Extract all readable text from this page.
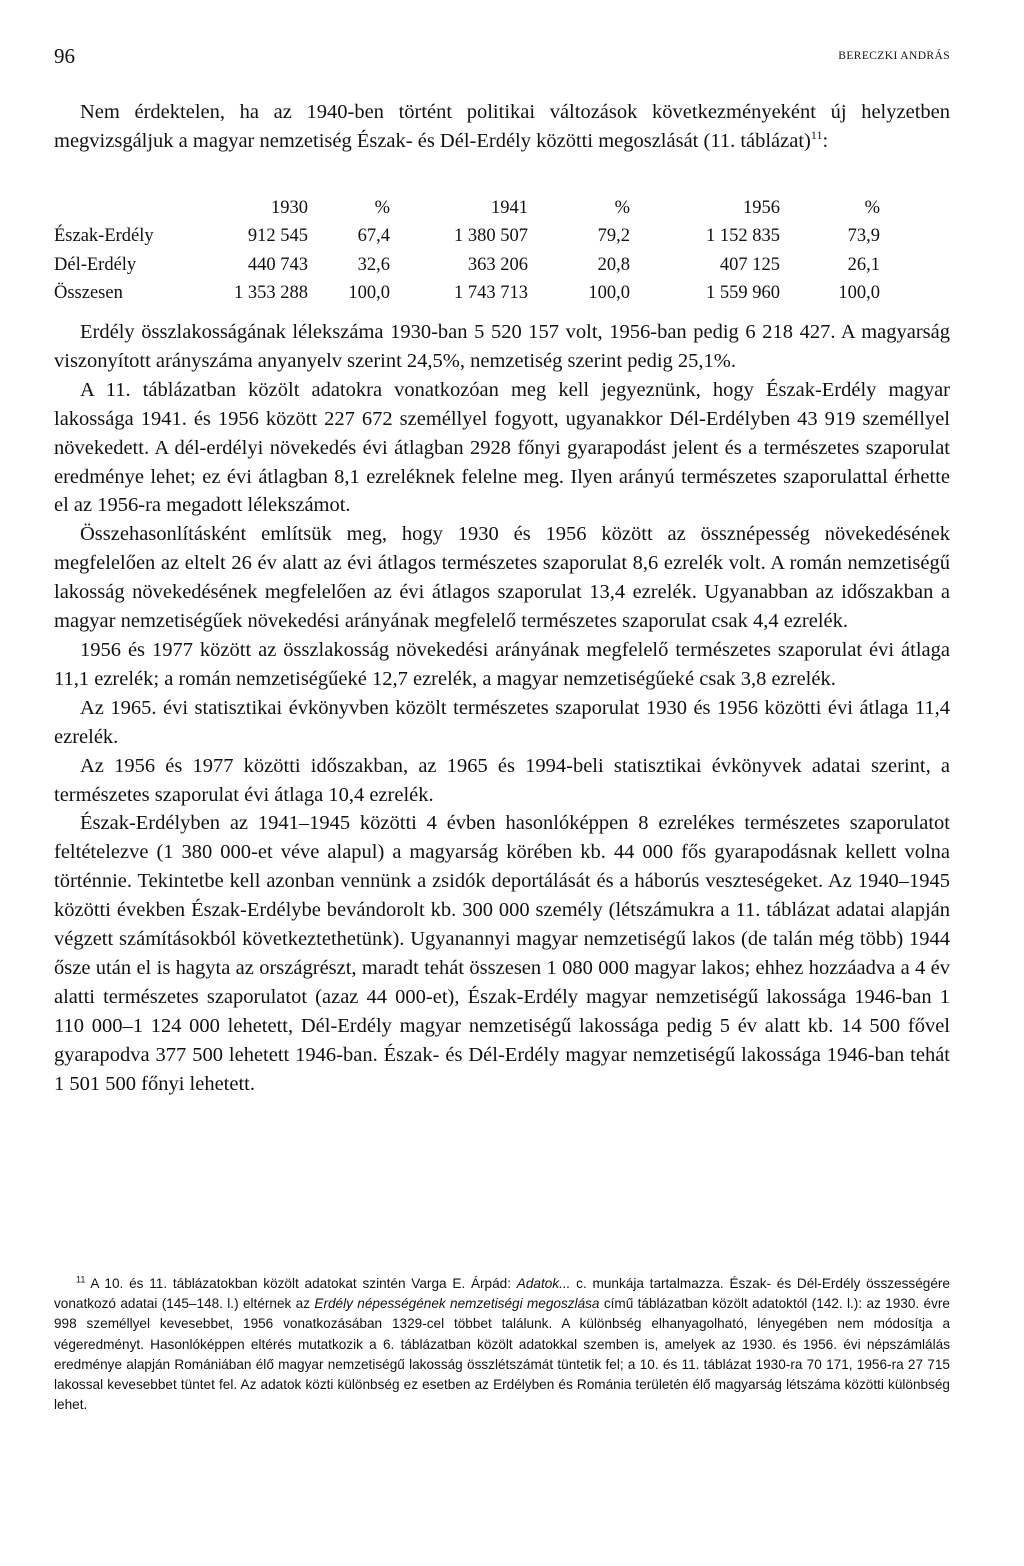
96	BERECZKI ANDRÁS

Nem érdektelen, ha az 1940-ben történt politikai változások következményeként új helyzetben megvizsgáljuk a magyar nemzetiség Észak- és Dél-Erdély közötti megoszlását (11. táblázat)$^{11}$:

	1930	%	1941	%	1956	%
Észak-Erdély	912 545	67,4	1 380 507	79,2	1 152 835	73,9
Dél-Erdély	440 743	32,6	363 206	20,8	407 125	26,1
Összesen	1 353 288	100,0	1 743 713	100,0	1 559 960	100,0

Erdély összlakosságának lélekszáma 1930-ban 5 520 157 volt, 1956-ban pedig 6 218 427. A magyarság viszonyított arányszáma anyanyelv szerint 24,5%, nemzetiség szerint pedig 25,1%.

A 11. táblázatban közölt adatokra vonatkozóan meg kell jegyeznünk, hogy Észak-Erdély magyar lakossága 1941. és 1956 között 227 672 személlyel fogyott, ugyanakkor Dél-Erdélyben 43 919 személlyel növekedett. A dél-erdélyi növekedés évi átlagban 2928 főnyi gyarapodást jelent és a természetes szaporulat eredménye lehet; ez évi átlagban 8,1 ezreléknek felelne meg. Ilyen arányú természetes szaporulattal érhette el az 1956-ra megadott lélekszámot.

Összehasonlításként említsük meg, hogy 1930 és 1956 között az össznépesség növekedésének megfelelően az eltelt 26 év alatt az évi átlagos természetes szaporulat 8,6 ezrelék volt. A román nemzetiségű lakosság növekedésének megfelelően az évi átlagos szaporulat 13,4 ezrelék. Ugyanabban az időszakban a magyar nemzetiségűek növekedési arányának megfelelő természetes szaporulat csak 4,4 ezrelék.

1956 és 1977 között az összlakosság növekedési arányának megfelelő természetes szaporulat évi átlaga 11,1 ezrelék; a román nemzetiségűeké 12,7 ezrelék, a magyar nemzetiségűeké csak 3,8 ezrelék.

Az 1965. évi statisztikai évkönyvben közölt természetes szaporulat 1930 és 1956 közötti évi átlaga 11,4 ezrelék.

Az 1956 és 1977 közötti időszakban, az 1965 és 1994-beli statisztikai évkönyvek adatai szerint, a természetes szaporulat évi átlaga 10,4 ezrelék.

Észak-Erdélyben az 1941–1945 közötti 4 évben hasonlóképpen 8 ezrelékes természetes szaporulatot feltételezve (1 380 000-et véve alapul) a magyarság körében kb. 44 000 fős gyarapodásnak kellett volna történnie. Tekintetbe kell azonban vennünk a zsidók deportálását és a háborús veszteségeket. Az 1940–1945 közötti években Észak-Erdélybe bevándorolt kb. 300 000 személy (létszámukra a 11. táblázat adatai alapján végzett számításokból következtethetünk). Ugyanannyi magyar nemzetiségű lakos (de talán még több) 1944 ősze után el is hagyta az országrészt, maradt tehát összesen 1 080 000 magyar lakos; ehhez hozzáadva a 4 év alatti természetes szaporulatot (azaz 44 000-et), Észak-Erdély magyar nemzetiségű lakossága 1946-ban 1 110 000–1 124 000 lehetett, Dél-Erdély magyar nemzetiségű lakossága pedig 5 év alatt kb. 14 500 fővel gyarapodva 377 500 lehetett 1946-ban. Észak- és Dél-Erdély magyar nemzetiségű lakossága 1946-ban tehát 1 501 500 főnyi lehetett.

$^{11}$ A 10. és 11. táblázatokban közölt adatokat szintén Varga E. Árpád: Adatok... c. munkája tartalmazza. Észak- és Dél-Erdély összességére vonatkozó adatai (145–148. l.) eltérnek az Erdély népességének nemzetiségi megoszlása című táblázatban közölt adatoktól (142. l.): az 1930. évre 998 személlyel kevesebbet, 1956 vonatkozásában 1329-cel többet találunk. A különbség elhanyagolható, lényegében nem módosítja a végeredményt. Hasonlóképpen eltérés mutatkozik a 6. táblázatban közölt adatokkal szemben is, amelyek az 1930. és 1956. évi népszámlálás eredménye alapján Romániában élő magyar nemzetiségű lakosság összlétszámát tüntetik fel; a 10. és 11. táblázat 1930-ra 70 171, 1956-ra 27 715 lakossal kevesebbet tüntet fel. Az adatok közti különbség ez esetben az Erdélyben és Románia területén élő magyarság létszáma közötti különbség lehet.
